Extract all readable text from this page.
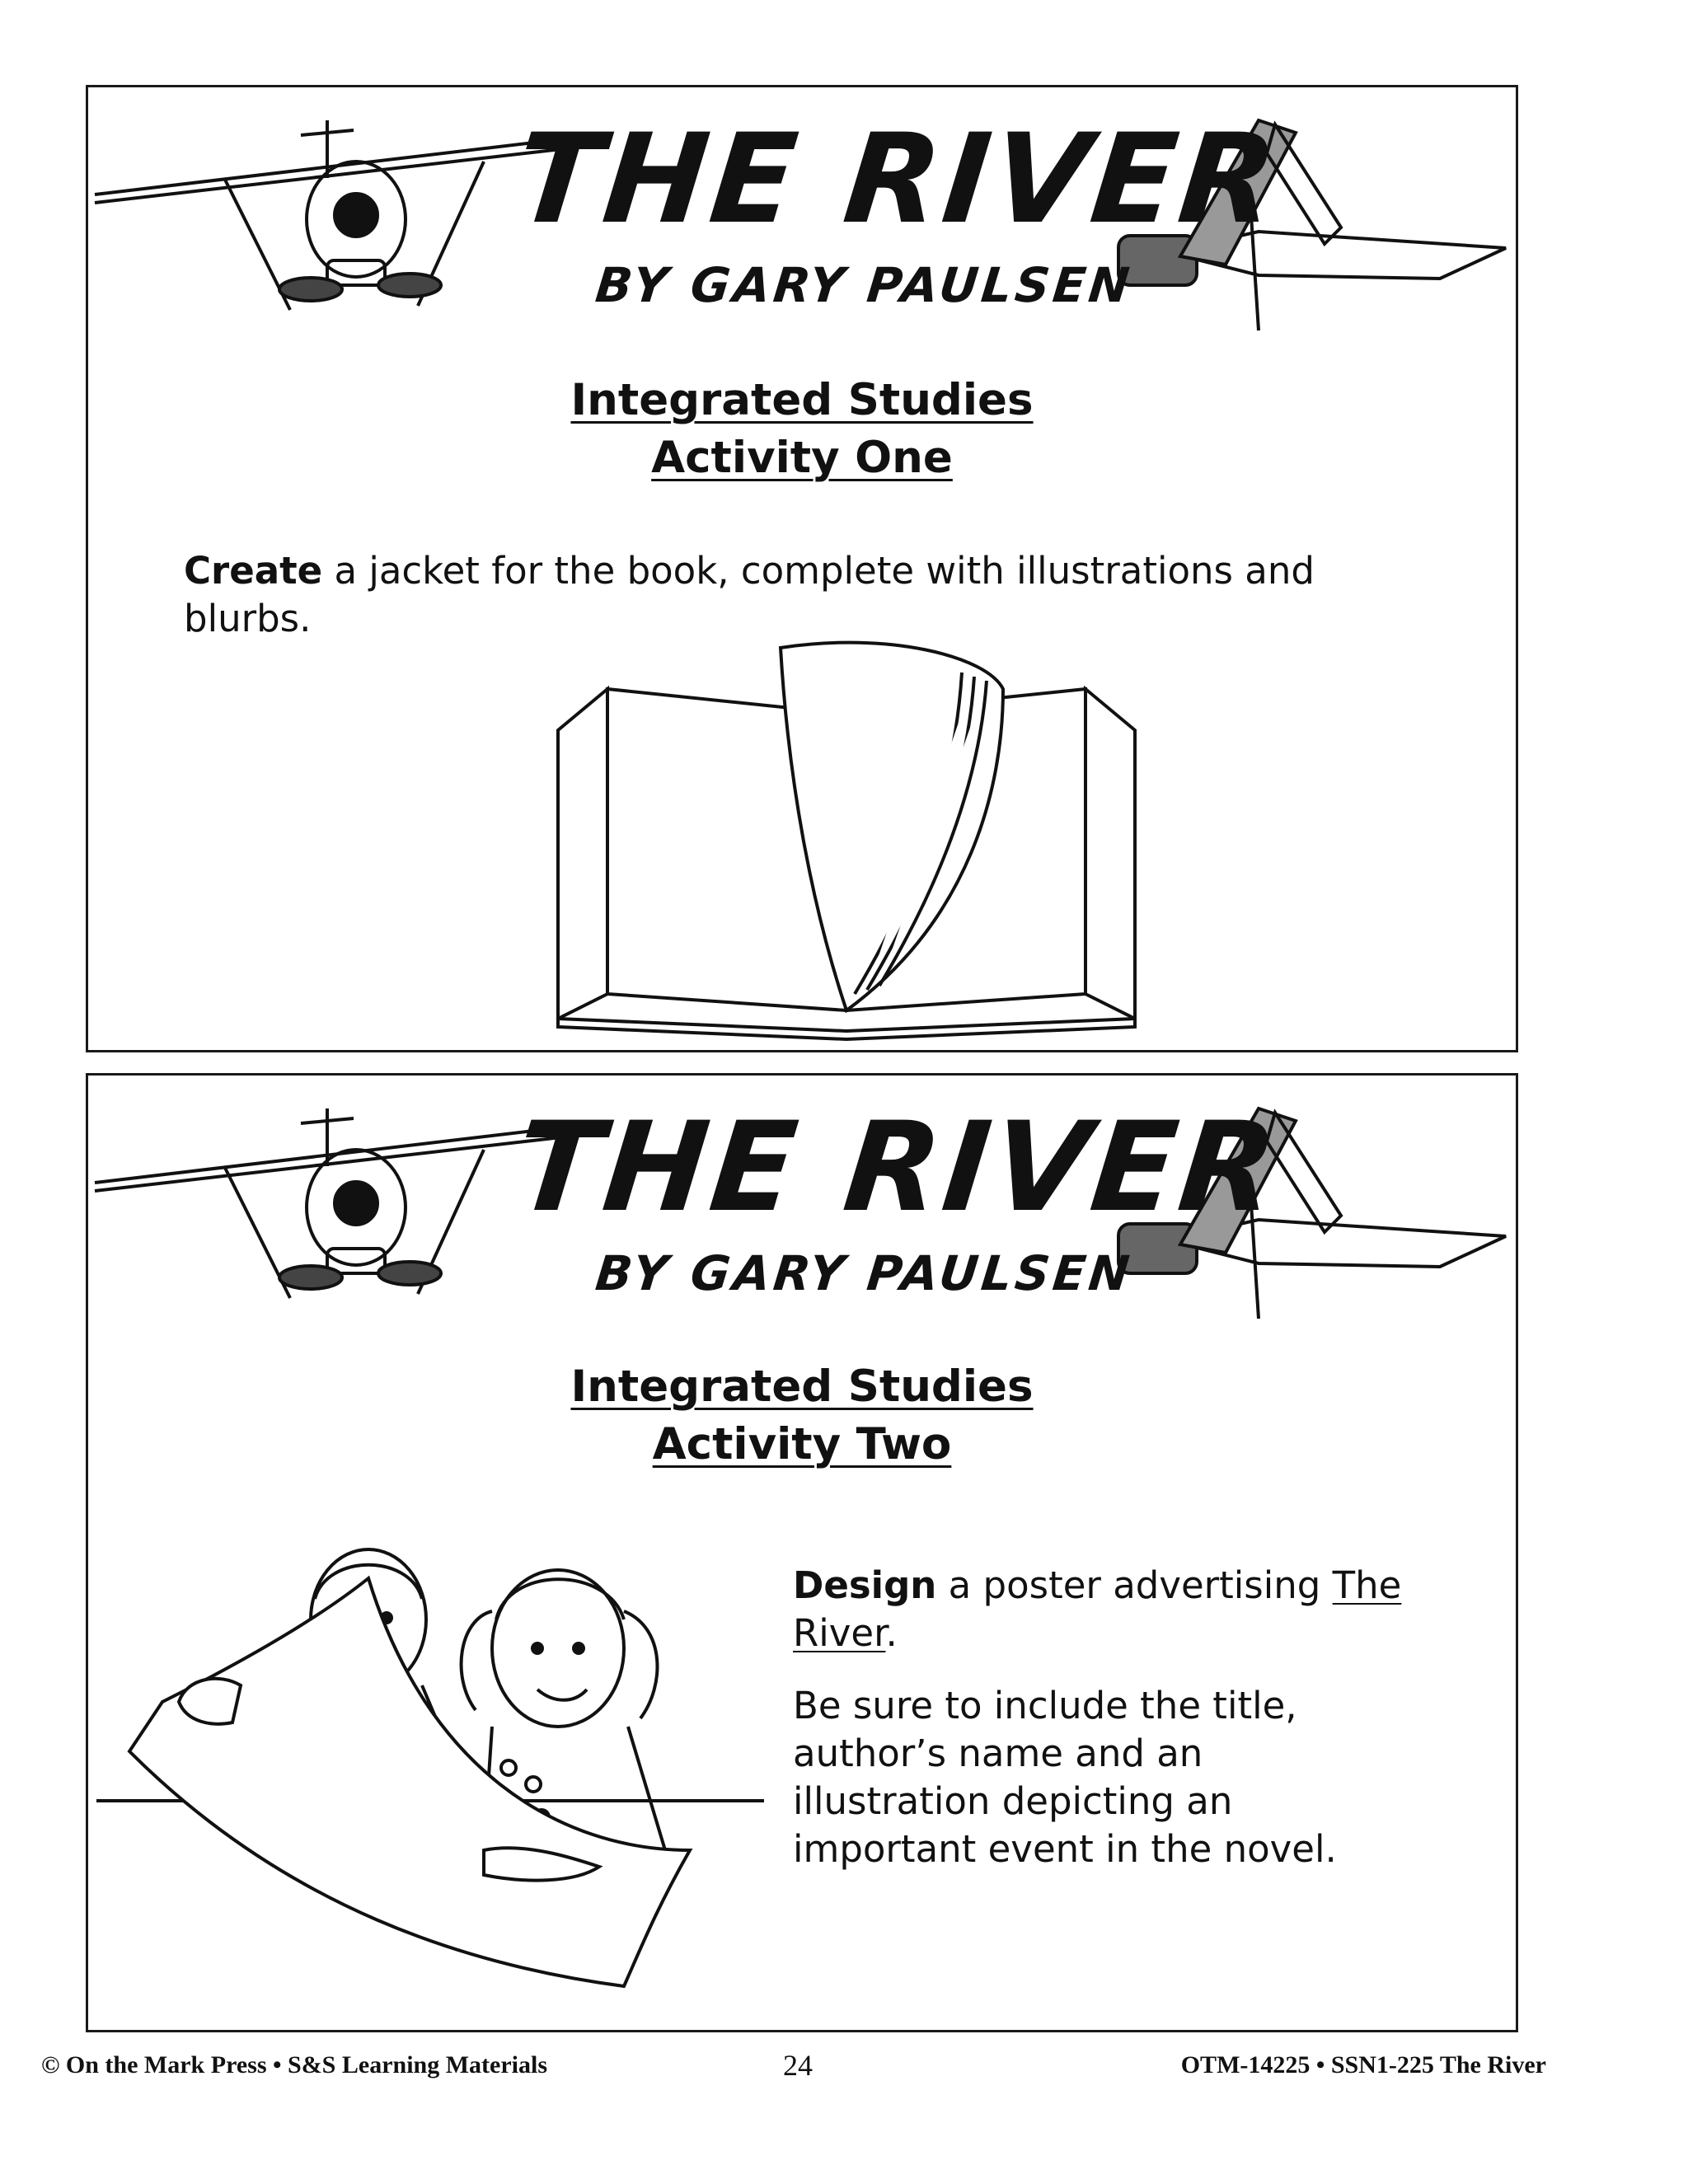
THE RIVER
BY GARY PAULSEN
Integrated Studies
Activity One
Create a jacket for the book, complete with illustrations and
blurbs.
THE RIVER
BY GARY PAULSEN
Integrated Studies
Activity Two
Design a poster advertising The
River.
Be sure to include the title,
author’s name and an
illustration depicting an
important event in the novel.
© On the Mark Press • S&S Learning Materials	24	OTM-14225 • SSN1-225 The River
